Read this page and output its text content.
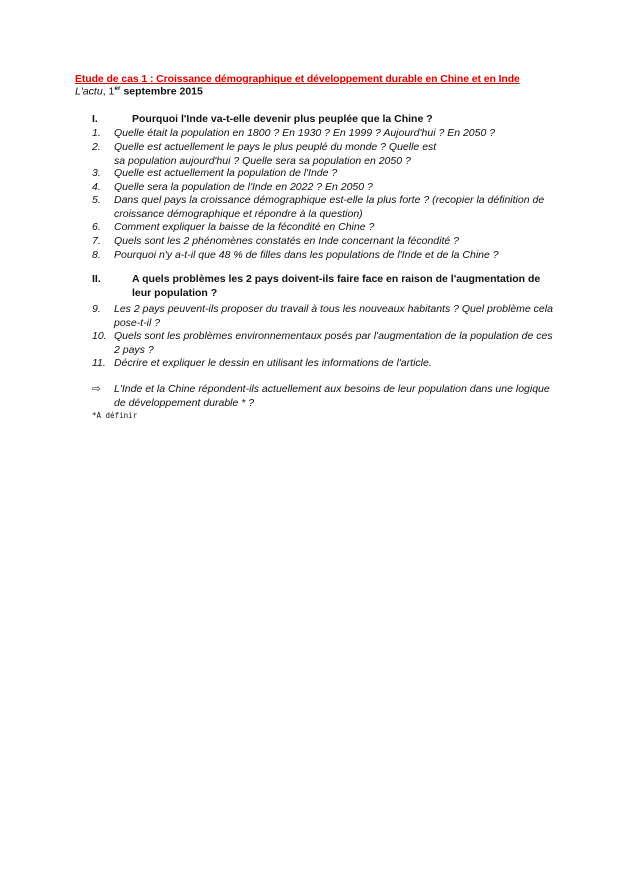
Etude de cas 1 : Croissance démographique et développement durable en Chine et en Inde
L'actu, 1er septembre 2015
I.	Pourquoi l'Inde va-t-elle devenir plus peuplée que la Chine ?
1. Quelle était la population en 1800 ? En 1930 ? En 1999 ? Aujourd'hui ? En 2050 ?
2. Quelle est actuellement le pays le plus peuplé du monde ? Quelle est sa population aujourd'hui ? Quelle sera sa population en 2050 ?
3. Quelle est actuellement la population de l'Inde ?
4. Quelle sera la population de l'Inde en 2022 ? En 2050 ?
5. Dans quel pays la croissance démographique est-elle la plus forte ? (recopier la définition de croissance démographique et répondre à la question)
6. Comment expliquer la baisse de la fécondité en Chine ?
7. Quels sont les 2 phénomènes constatés en Inde concernant la fécondité ?
8. Pourquoi n'y a-t-il que 48 % de filles dans les populations de l'Inde et de la Chine ?
II.	A quels problèmes les 2 pays doivent-ils faire face en raison de l'augmentation de leur population ?
9. Les 2 pays peuvent-ils proposer du travail à tous les nouveaux habitants ? Quel problème cela pose-t-il ?
10. Quels sont les problèmes environnementaux posés par l'augmentation de la population de ces 2 pays ?
11. Décrire et expliquer le dessin en utilisant les informations de l'article.
⇨ L'Inde et la Chine répondent-ils actuellement aux besoins de leur population dans une logique de développement durable * ?
*A définir
